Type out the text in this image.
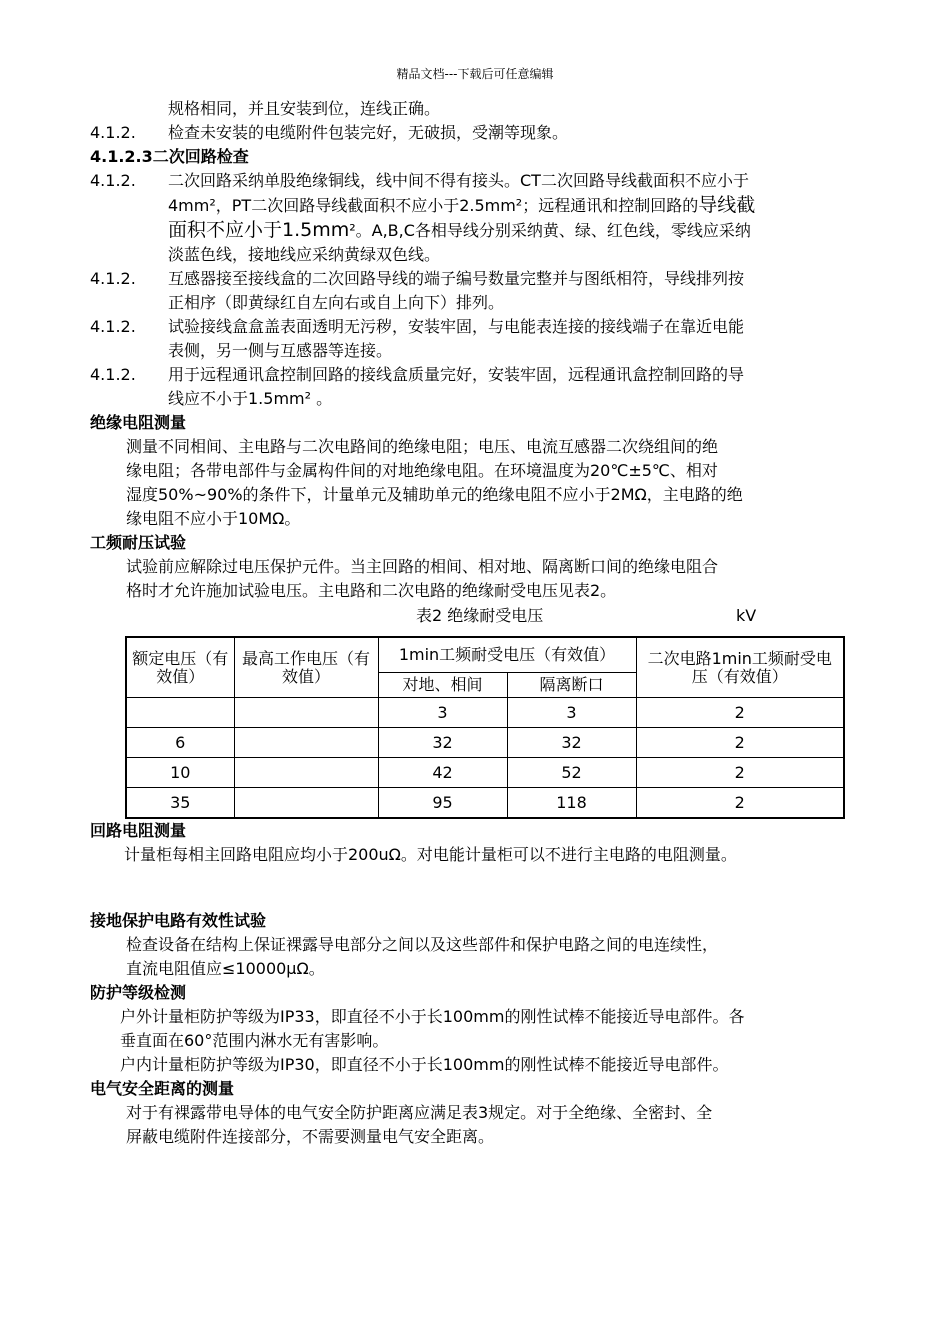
精品文档---下载后可任意编辑

规格相同，并且安装到位，连线正确。

4.1.2.	检查未安装的电缆附件包装完好，无破损，受潮等现象。

4.1.2.3二次回路检查

4.1.2.	二次回路采纳单股绝缘铜线，线中间不得有接头。CT二次回路导线截面积不应小于

4mm²，PT二次回路导线截面积不应小于2.5mm²；远程通讯和控制回路的导线截

面积不应小于1.5mm²。A,B,C各相导线分别采纳黄、绿、红色线，零线应采纳

淡蓝色线，接地线应采纳黄绿双色线。

4.1.2.	互感器接至接线盒的二次回路导线的端子编号数量完整并与图纸相符，导线排列按

正相序（即黄绿红自左向右或自上向下）排列。

4.1.2.	试验接线盒盒盖表面透明无污秽，安装牢固，与电能表连接的接线端子在靠近电能

表侧，另一侧与互感器等连接。

4.1.2.	用于远程通讯盒控制回路的接线盒质量完好，安装牢固，远程通讯盒控制回路的导

线应不小于1.5mm² 。

绝缘电阻测量

测量不同相间、主电路与二次电路间的绝缘电阻；电压、电流互感器二次绕组间的绝
缘电阻；各带电部件与金属构件间的对地绝缘电阻。在环境温度为20℃±5℃、相对
湿度50%~90%的条件下，计量单元及辅助单元的绝缘电阻不应小于2MΩ，主电路的绝
缘电阻不应小于10MΩ。

工频耐压试验

试验前应解除过电压保护元件。当主回路的相间、相对地、隔离断口间的绝缘电阻合
格时才允许施加试验电压。主电路和二次电路的绝缘耐受电压见表2。
表2 绝缘耐受电压	kV
额定电压（有效值）	最高工作电压（有效值）	1min工频耐受电压（有效值）		二次电路1min工频耐受电压（有效值）
		对地、相间	隔离断口	
		3	3	2
6		32	32	2
10		42	52	2
35		95	118	2

回路电阻测量

计量柜每相主回路电阻应均小于200uΩ。对电能计量柜可以不进行主电路的电阻测量。

接地保护电路有效性试验

检查设备在结构上保证裸露导电部分之间以及这些部件和保护电路之间的电连续性，
直流电阻值应≤10000μΩ。

防护等级检测

户外计量柜防护等级为IP33，即直径不小于长100mm的刚性试棒不能接近导电部件。各
垂直面在60°范围内淋水无有害影响。
户内计量柜防护等级为IP30，即直径不小于长100mm的刚性试棒不能接近导电部件。

电气安全距离的测量

对于有裸露带电导体的电气安全防护距离应满足表3规定。对于全绝缘、全密封、全
屏蔽电缆附件连接部分，不需要测量电气安全距离。
